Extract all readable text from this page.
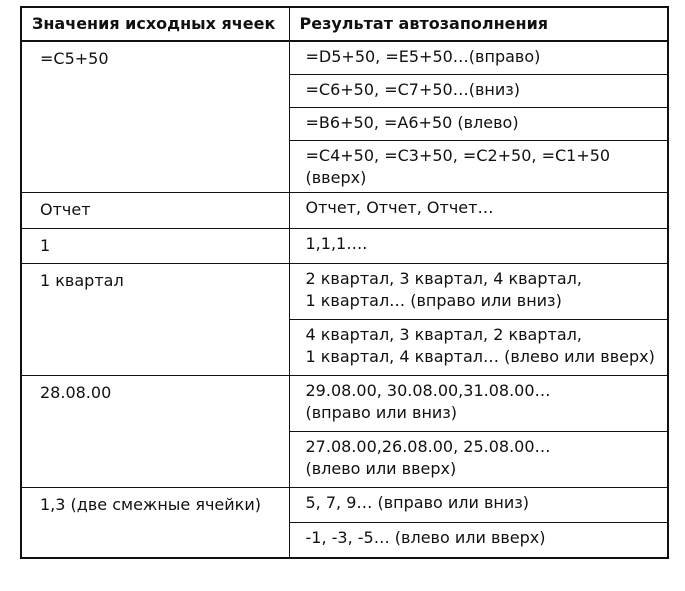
Значения исходных ячеек	Результат автозаполнения
=C5+50	=D5+50, =E5+50…(вправо)
	=C6+50, =C7+50…(вниз)
	=B6+50, =A6+50 (влево)
	=C4+50, =C3+50, =C2+50, =C1+50 (вверх)
Отчет	Отчет, Отчет, Отчет…
1	1,1,1….
1 квартал	2 квартал, 3 квартал, 4 квартал,
1 квартал… (вправо или вниз)
	4 квартал, 3 квартал, 2 квартал,
1 квартал, 4 квартал… (влево или вверх)
28.08.00	29.08.00, 30.08.00,31.08.00…
(вправо или вниз)
	27.08.00,26.08.00, 25.08.00…
(влево или вверх)
1,3 (две смежные ячейки)	5, 7, 9… (вправо или вниз)
	-1, -3, -5… (влево или вверх)
